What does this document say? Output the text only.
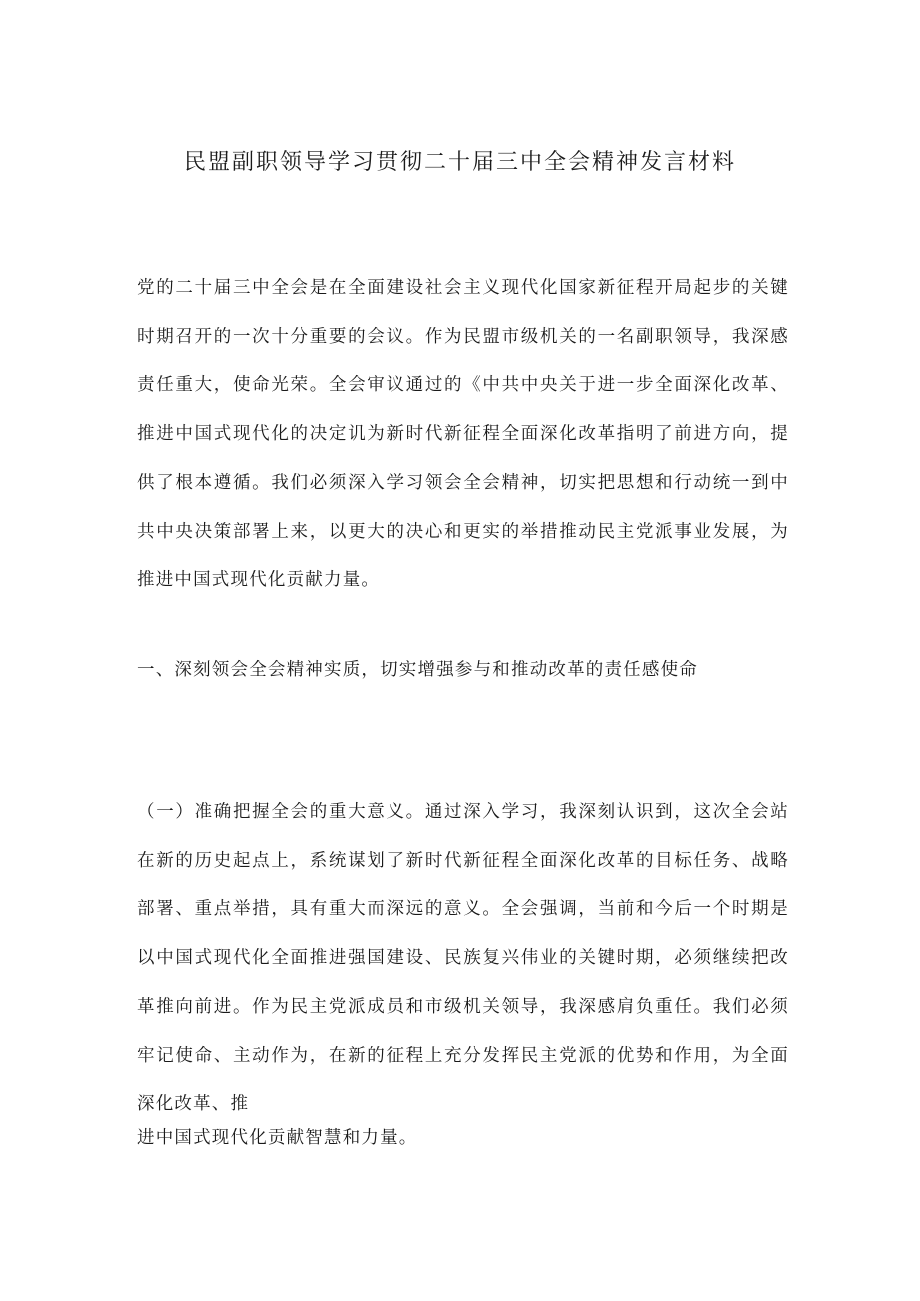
民盟副职领导学习贯彻二十届三中全会精神发言材料

党的二十届三中全会是在全面建设社会主义现代化国家新征程开局起步的关键时期召开的一次十分重要的会议。作为民盟市级机关的一名副职领导，我深感责任重大，使命光荣。全会审议通过的《中共中央关于进一步全面深化改革、推进中国式现代化的决定讥为新时代新征程全面深化改革指明了前进方向，提供了根本遵循。我们必须深入学习领会全会精神，切实把思想和行动统一到中共中央决策部署上来，以更大的决心和更实的举措推动民主党派事业发展，为推进中国式现代化贡献力量。

一、深刻领会全会精神实质，切实增强参与和推动改革的责任感使命

（一）准确把握全会的重大意义。通过深入学习，我深刻认识到，这次全会站在新的历史起点上，系统谋划了新时代新征程全面深化改革的目标任务、战略部署、重点举措，具有重大而深远的意义。全会强调，当前和今后一个时期是以中国式现代化全面推进强国建设、民族复兴伟业的关键时期，必须继续把改革推向前进。作为民主党派成员和市级机关领导，我深感肩负重任。我们必须牢记使命、主动作为，在新的征程上充分发挥民主党派的优势和作用，为全面深化改革、推
进中国式现代化贡献智慧和力量。
